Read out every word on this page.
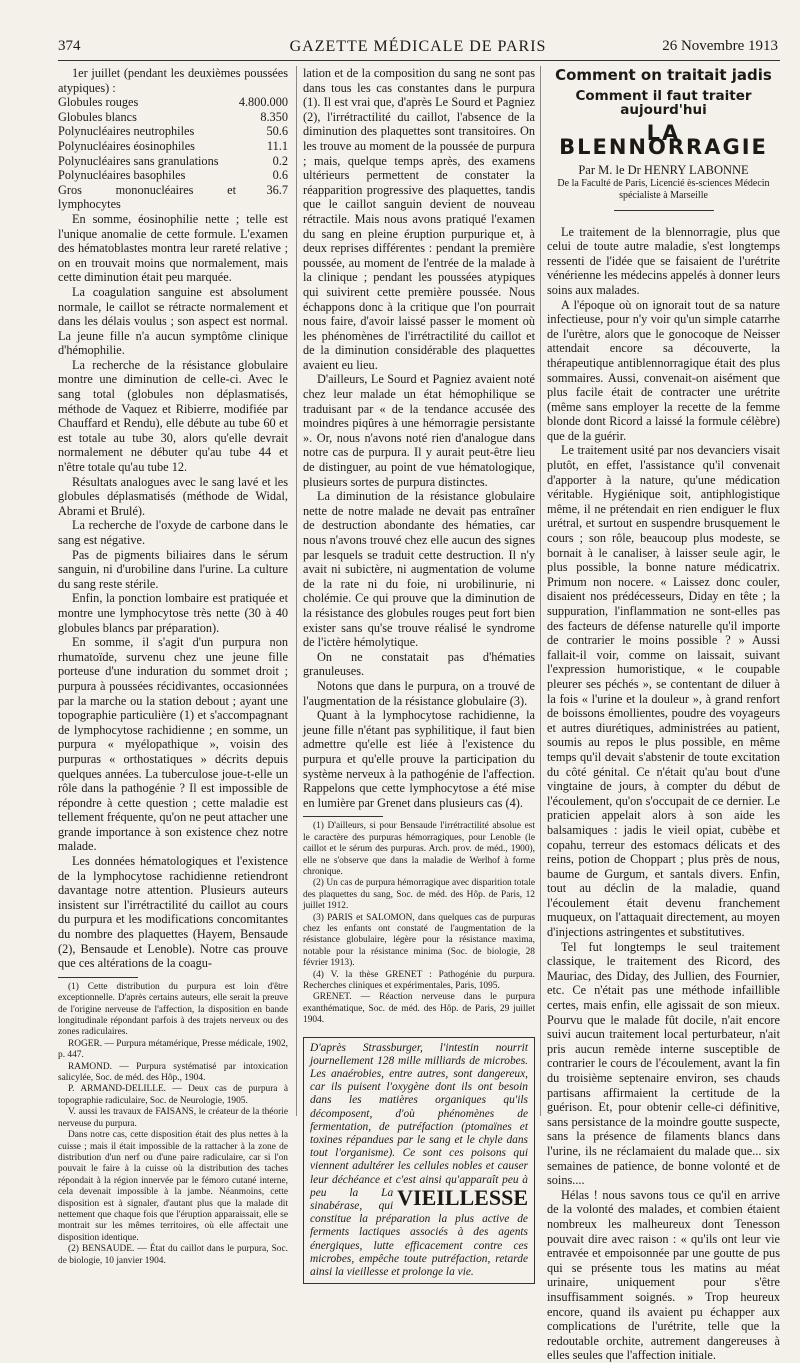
374	GAZETTE MÉDICALE DE PARIS	26 Novembre 1913

1er juillet (pendant les deuxièmes poussées atypiques) :

Globules rouges	4.800.000
Globules blancs	8.350
Polynucléaires neutrophiles	50.6
Polynucléaires éosinophiles	11.1
Polynucléaires sans granulations	0.2
Polynucléaires basophiles	0.6
Gros mononucléaires et lymphocytes
36.7

En somme, éosinophilie nette ; telle est l'unique anomalie de cette formule. L'examen des hématoblastes montra leur rareté relative ; on en trouvait moins que normalement, mais cette diminution était peu marquée.

La coagulation sanguine est absolument normale, le caillot se rétracte normalement et dans les délais voulus ; son aspect est normal. La jeune fille n'a aucun symptôme clinique d'hémophilie.

La recherche de la résistance globulaire montre une diminution de celle-ci. Avec le sang total (globules non déplasmatisés, méthode de Vaquez et Ribierre, modifiée par Chauffard et Rendu), elle débute au tube 60 et est totale au tube 30, alors qu'elle devrait normalement ne débuter qu'au tube 44 et n'être totale qu'au tube 12.

Résultats analogues avec le sang lavé et les globules déplasmatisés (méthode de Widal, Abrami et Brulé).

La recherche de l'oxyde de carbone dans le sang est négative.

Pas de pigments biliaires dans le sérum sanguin, ni d'urobiline dans l'urine. La culture du sang reste stérile.

Enfin, la ponction lombaire est pratiquée et montre une lymphocytose très nette (30 à 40 globules blancs par préparation).

En somme, il s'agit d'un purpura non rhumatoïde, survenu chez une jeune fille porteuse d'une induration du sommet droit ; purpura à poussées récidivantes, occasionnées par la marche ou la station debout ; ayant une topographie particulière (1) et s'accompagnant de lymphocytose rachidienne ; en somme, un purpura « myélopathique », voisin des purpuras « orthostatiques » décrits depuis quelques années. La tuberculose joue-t-elle un rôle dans la pathogénie ? Il est impossible de répondre à cette question ; cette maladie est tellement fréquente, qu'on ne peut attacher une grande importance à son existence chez notre malade.

Les données hématologiques et l'existence de la lymphocytose rachidienne retiendront davantage notre attention. Plusieurs auteurs insistent sur l'irrétractilité du caillot au cours du purpura et les modifications concomitantes du nombre des plaquettes (Hayem, Bensaude (2), Bensaude et Lenoble). Notre cas prouve que ces altérations de la coagu-

(1) Cette distribution du purpura est loin d'être exceptionnelle. D'après certains auteurs, elle serait la preuve de l'origine nerveuse de l'affection, la disposition en bande longitudinale répondant parfois à des trajets nerveux ou des zones radiculaires.

ROGER. — Purpura métamérique, Presse médicale, 1902, p. 447.

RAMOND. — Purpura systématisé par intoxication salicylée, Soc. de méd. des Hôp., 1904.

P. ARMAND-DELILLE. — Deux cas de purpura à topographie radiculaire, Soc. de Neurologie, 1905.

V. aussi les travaux de FAISANS, le créateur de la théorie nerveuse du purpura.

Dans notre cas, cette disposition était des plus nettes à la cuisse ; mais il était impossible de la rattacher à la zone de distribution d'un nerf ou d'une paire radiculaire, car si l'on pouvait le faire à la cuisse où la distribution des taches répondait à la région innervée par le fémoro cutané interne, cela devenait impossible à la jambe. Néanmoins, cette disposition est à signaler, d'autant plus que la malade dit nettement que chaque fois que l'éruption apparaissait, elle se montrait sur les mêmes territoires, où elle affectait une disposition identique.

(2) BENSAUDE. — État du caillot dans le purpura, Soc. de biologie, 10 janvier 1904.

lation et de la composition du sang ne sont pas dans tous les cas constantes dans le purpura (1). Il est vrai que, d'après Le Sourd et Pagniez (2), l'irrétractilité du caillot, l'absence de la diminution des plaquettes sont transitoires. On les trouve au moment de la poussée de purpura ; mais, quelque temps après, des examens ultérieurs permettent de constater la réapparition progressive des plaquettes, tandis que le caillot sanguin devient de nouveau rétractile. Mais nous avons pratiqué l'examen du sang en pleine éruption purpurique et, à deux reprises différentes : pendant la première poussée, au moment de l'entrée de la malade à la clinique ; pendant les poussées atypiques qui suivirent cette première poussée. Nous échappons donc à la critique que l'on pourrait nous faire, d'avoir laissé passer le moment où les phénomènes de l'irrétractilité du caillot et de la diminution considérable des plaquettes avaient eu lieu.

D'ailleurs, Le Sourd et Pagniez avaient noté chez leur malade un état hémophilique se traduisant par « de la tendance accusée des moindres piqûres à une hémorragie persistante ». Or, nous n'avons noté rien d'analogue dans notre cas de purpura. Il y aurait peut-être lieu de distinguer, au point de vue hématologique, plusieurs sortes de purpura distinctes.

La diminution de la résistance globulaire nette de notre malade ne devait pas entraîner de destruction abondante des hématies, car nous n'avons trouvé chez elle aucun des signes par lesquels se traduit cette destruction. Il n'y avait ni subictère, ni augmentation de volume de la rate ni du foie, ni urobilinurie, ni cholémie. Ce qui prouve que la diminution de la résistance des globules rouges peut fort bien exister sans qu'se trouve réalisé le syndrome de l'ictère hémolytique.

On ne constatait pas d'hématies granuleuses.

Notons que dans le purpura, on a trouvé de l'augmentation de la résistance globulaire (3).

Quant à la lymphocytose rachidienne, la jeune fille n'étant pas syphilitique, il faut bien admettre qu'elle est liée à l'existence du purpura et qu'elle prouve la participation du système nerveux à la pathogénie de l'affection. Rappelons que cette lymphocytose a été mise en lumière par Grenet dans plusieurs cas (4).

(1) D'ailleurs, si pour Bensaude l'irrétractilité absolue est le caractère des purpuras hémorragiques, pour Lenoble (le caillot et le sérum des purpuras. Arch. prov. de méd., 1900), elle ne s'observe que dans la maladie de Werlhof à forme chronique.

(2) Un cas de purpura hémorragique avec disparition totale des plaquettes du sang, Soc. de méd. des Hôp. de Paris, 12 juillet 1912.

(3) PARIS et SALOMON, dans quelques cas de purpuras chez les enfants ont constaté de l'augmentation de la résistance globulaire, légère pour la résistance maxima, notable pour la résistance minima (Soc. de biologie, 28 février 1913).

(4) V. la thèse GRENET : Pathogénie du purpura. Recherches cliniques et expérimentales, Paris, 1095.

GRENET. — Réaction nerveuse dans le purpura exanthématique, Soc. de méd. des Hôp. de Paris, 29 juillet 1904.

D'après Strassburger, l'intestin nourrit journellement 128 mille milliards de microbes. Les anaérobies, entre autres, sont dangereux, car ils puisent l'oxygène dont ils ont besoin dans les matières organiques qu'ils décomposent, d'où phénomènes de fermentation, de putréfaction (ptomaïnes et toxines répandues par le sang et le chyle dans tout l'organisme). Ce sont ces poisons qui viennent adultérer les cellules nobles et causer leur déchéance et c'est ainsi qu'apparaît peu à peu la VIEILLESSE
La sinabérase, qui constitue la préparation la plus active de ferments lactiques associés à des agents énergiques, lutte efficacement contre ces microbes, empêche toute putréfaction, retarde ainsi la vieillesse et prolonge la vie.
Comment on traitait jadis
Comment il faut traiter aujourd'hui
LA BLENNORRAGIE
Par M. le Dr HENRY LABONNE
De la Faculté de Paris, Licencié ès-sciences Médecin spécialiste à Marseille

Le traitement de la blennorragie, plus que celui de toute autre maladie, s'est longtemps ressenti de l'idée que se faisaient de l'urétrite vénérienne les médecins appelés à donner leurs soins aux malades.

A l'époque où on ignorait tout de sa nature infectieuse, pour n'y voir qu'un simple catarrhe de l'urètre, alors que le gonocoque de Neisser attendait encore sa découverte, la thérapeutique antiblennorragique était des plus sommaires. Aussi, convenait-on aisément que plus facile était de contracter une urétrite (même sans employer la recette de la femme blonde dont Ricord a laissé la formule célèbre) que de la guérir.

Le traitement usité par nos devanciers visait plutôt, en effet, l'assistance qu'il convenait d'apporter à la nature, qu'une médication véritable. Hygiénique soit, antiphlogistique même, il ne prétendait en rien endiguer le flux urétral, et surtout en suspendre brusquement le cours ; son rôle, beaucoup plus modeste, se bornait à le canaliser, à laisser seule agir, le plus possible, la bonne nature médicatrix. Primum non nocere. « Laissez donc couler, disaient nos prédécesseurs, Diday en tête ; la suppuration, l'inflammation ne sont-elles pas des facteurs de défense naturelle qu'il importe de contrarier le moins possible ? » Aussi fallait-il voir, comme on laissait, suivant l'expression humoristique, « le coupable pleurer ses péchés », se contentant de diluer à la fois « l'urine et la douleur », à grand renfort de boissons émollientes, poudre des voyageurs et autres diurétiques, administrées au patient, soumis au repos le plus possible, en même temps qu'il devait s'abstenir de toute excitation du côté génital. Ce n'était qu'au bout d'une vingtaine de jours, à compter du début de l'écoulement, qu'on s'occupait de ce dernier. Le praticien appelait alors à son aide les balsamiques : jadis le vieil opiat, cubèbe et copahu, terreur des estomacs délicats et des reins, potion de Choppart ; plus près de nous, baume de Gurgum, et santals divers. Enfin, tout au déclin de la maladie, quand l'écoulement était devenu franchement muqueux, on l'attaquait directement, au moyen d'injections astringentes et substitutives.

Tel fut longtemps le seul traitement classique, le traitement des Ricord, des Mauriac, des Diday, des Jullien, des Fournier, etc. Ce n'était pas une méthode infaillible certes, mais enfin, elle agissait de son mieux. Pourvu que le malade fût docile, n'ait encore suivi aucun traitement local perturbateur, n'ait pris aucun remède interne susceptible de contrarier le cours de l'écoulement, avant la fin du troisième septenaire environ, ses chauds partisans affirmaient la certitude de la guérison. Et, pour obtenir celle-ci définitive, sans persistance de la moindre goutte suspecte, sans la présence de filaments blancs dans l'urine, ils ne réclamaient du malade que... six semaines de patience, de bonne volonté et de soins....

Hélas ! nous savons tous ce qu'il en arrive de la volonté des malades, et combien étaient nombreux les malheureux dont Tenesson pouvait dire avec raison : « qu'ils ont leur vie entravée et empoisonnée par une goutte de pus qui se présente tous les matins au méat urinaire, uniquement pour s'être insuffisamment soignés. » Trop heureux encore, quand ils avaient pu échapper aux complications de l'urétrite, telle que la redoutable orchite, autrement dangereuses à elles seules que l'affection initiale.
